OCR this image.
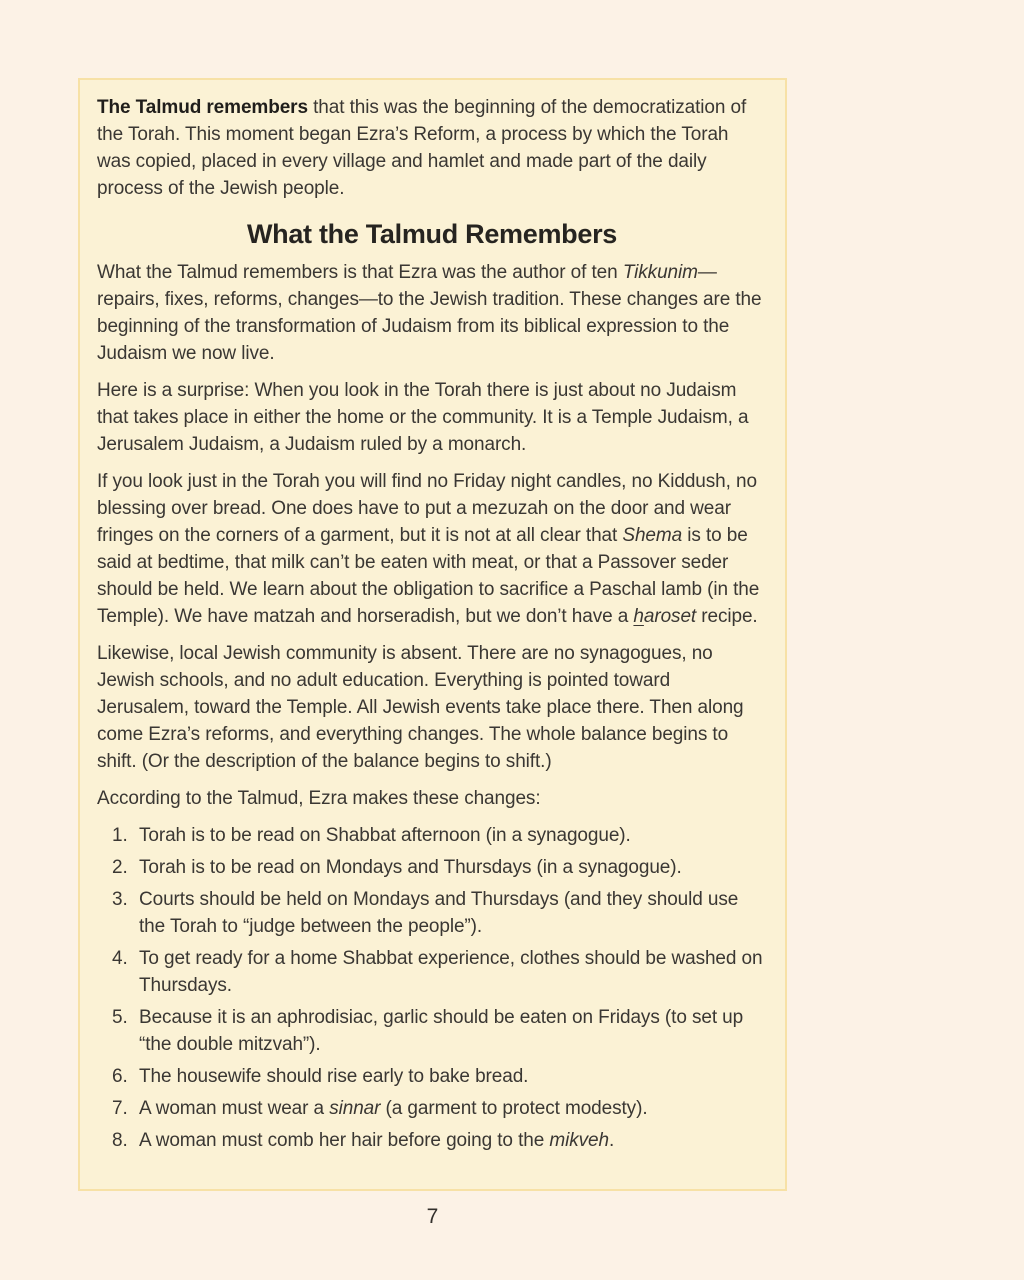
The Talmud remembers that this was the beginning of the democratization of the Torah. This moment began Ezra’s Reform, a process by which the Torah was copied, placed in every village and hamlet and made part of the daily process of the Jewish people.

What the Talmud Remembers

What the Talmud remembers is that Ezra was the author of ten Tikkunim—repairs, fixes, reforms, changes—to the Jewish tradition. These changes are the beginning of the transformation of Judaism from its biblical expression to the Judaism we now live.

Here is a surprise: When you look in the Torah there is just about no Judaism that takes place in either the home or the community. It is a Temple Judaism, a Jerusalem Judaism, a Judaism ruled by a monarch.

If you look just in the Torah you will find no Friday night candles, no Kiddush, no blessing over bread. One does have to put a mezuzah on the door and wear fringes on the corners of a garment, but it is not at all clear that Shema is to be said at bedtime, that milk can’t be eaten with meat, or that a Passover seder should be held. We learn about the obligation to sacrifice a Paschal lamb (in the Temple). We have matzah and horseradish, but we don’t have a haroset recipe.

Likewise, local Jewish community is absent. There are no synagogues, no Jewish schools, and no adult education. Everything is pointed toward Jerusalem, toward the Temple. All Jewish events take place there. Then along come Ezra’s reforms, and everything changes. The whole balance begins to shift. (Or the description of the balance begins to shift.)

According to the Talmud, Ezra makes these changes:

1. Torah is to be read on Shabbat afternoon (in a synagogue).
2. Torah is to be read on Mondays and Thursdays (in a synagogue).
3. Courts should be held on Mondays and Thursdays (and they should use the Torah to “judge between the people”).
4. To get ready for a home Shabbat experience, clothes should be washed on Thursdays.
5. Because it is an aphrodisiac, garlic should be eaten on Fridays (to set up “the double mitzvah”).
6. The housewife should rise early to bake bread.
7. A woman must wear a sinnar (a garment to protect modesty).
8. A woman must comb her hair before going to the mikveh.
7
